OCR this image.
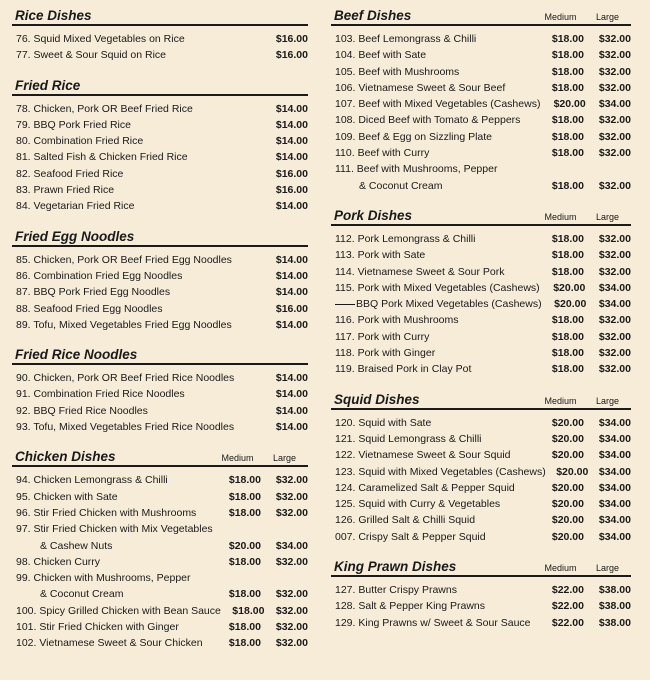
Rice Dishes
76. Squid Mixed Vegetables on Rice	$16.00
77. Sweet & Sour Squid on Rice	$16.00
Fried Rice
78. Chicken, Pork OR Beef Fried Rice	$14.00
79. BBQ Pork Fried Rice	$14.00
80. Combination Fried Rice	$14.00
81. Salted Fish & Chicken Fried Rice	$14.00
82. Seafood Fried Rice	$16.00
83. Prawn Fried Rice	$16.00
84. Vegetarian Fried Rice	$14.00
Fried Egg Noodles
85. Chicken, Pork OR Beef Fried Egg Noodles	$14.00
86. Combination Fried Egg Noodles	$14.00
87. BBQ Pork Fried Egg Noodles	$14.00
88. Seafood Fried Egg Noodles	$16.00
89. Tofu, Mixed Vegetables Fried Egg Noodles	$14.00
Fried Rice Noodles
90. Chicken, Pork OR Beef Fried Rice Noodles	$14.00
91. Combination Fried Rice Noodles	$14.00
92. BBQ Fried Rice Noodles	$14.00
93. Tofu, Mixed Vegetables Fried Rice Noodles	$14.00
Chicken Dishes	Medium	Large
94. Chicken Lemongrass & Chilli	$18.00	$32.00
95. Chicken with Sate	$18.00	$32.00
96. Stir Fried Chicken with Mushrooms	$18.00	$32.00
97. Stir Fried Chicken with Mix Vegetables
& Cashew Nuts	$20.00	$34.00
98. Chicken Curry	$18.00	$32.00
99. Chicken with Mushrooms, Pepper
& Coconut Cream	$18.00	$32.00
100. Spicy Grilled Chicken with Bean Sauce	$18.00	$32.00
101. Stir Fried Chicken with Ginger	$18.00	$32.00
102. Vietnamese Sweet & Sour Chicken	$18.00	$32.00
Beef Dishes	Medium	Large
103. Beef Lemongrass & Chilli	$18.00	$32.00
104. Beef with Sate	$18.00	$32.00
105. Beef with Mushrooms	$18.00	$32.00
106. Vietnamese Sweet & Sour Beef	$18.00	$32.00
107. Beef with Mixed Vegetables (Cashews)	$20.00	$34.00
108. Diced Beef with Tomato & Peppers	$18.00	$32.00
109. Beef & Egg on Sizzling Plate	$18.00	$32.00
110. Beef with Curry	$18.00	$32.00
111. Beef with Mushrooms, Pepper
& Coconut Cream	$18.00	$32.00
Pork Dishes	Medium	Large
112. Pork Lemongrass & Chilli	$18.00	$32.00
113. Pork with Sate	$18.00	$32.00
114. Vietnamese Sweet & Sour Pork	$18.00	$32.00
115. Pork with Mixed Vegetables (Cashews)	$20.00	$34.00
BBQ Pork Mixed Vegetables (Cashews)	$20.00	$34.00
116. Pork with Mushrooms	$18.00	$32.00
117. Pork with Curry	$18.00	$32.00
118. Pork with Ginger	$18.00	$32.00
119. Braised Pork in Clay Pot	$18.00	$32.00
Squid Dishes	Medium	Large
120. Squid with Sate	$20.00	$34.00
121. Squid Lemongrass & Chilli	$20.00	$34.00
122. Vietnamese Sweet & Sour Squid	$20.00	$34.00
123. Squid with Mixed Vegetables (Cashews)	$20.00	$34.00
124. Caramelized Salt & Pepper Squid	$20.00	$34.00
125. Squid with Curry & Vegetables	$20.00	$34.00
126. Grilled Salt & Chilli Squid	$20.00	$34.00
007. Crispy Salt & Pepper Squid	$20.00	$34.00
King Prawn Dishes	Medium	Large
127. Butter Crispy Prawns	$22.00	$38.00
128. Salt & Pepper King Prawns	$22.00	$38.00
129. King Prawns w/ Sweet & Sour Sauce	$22.00	$38.00
